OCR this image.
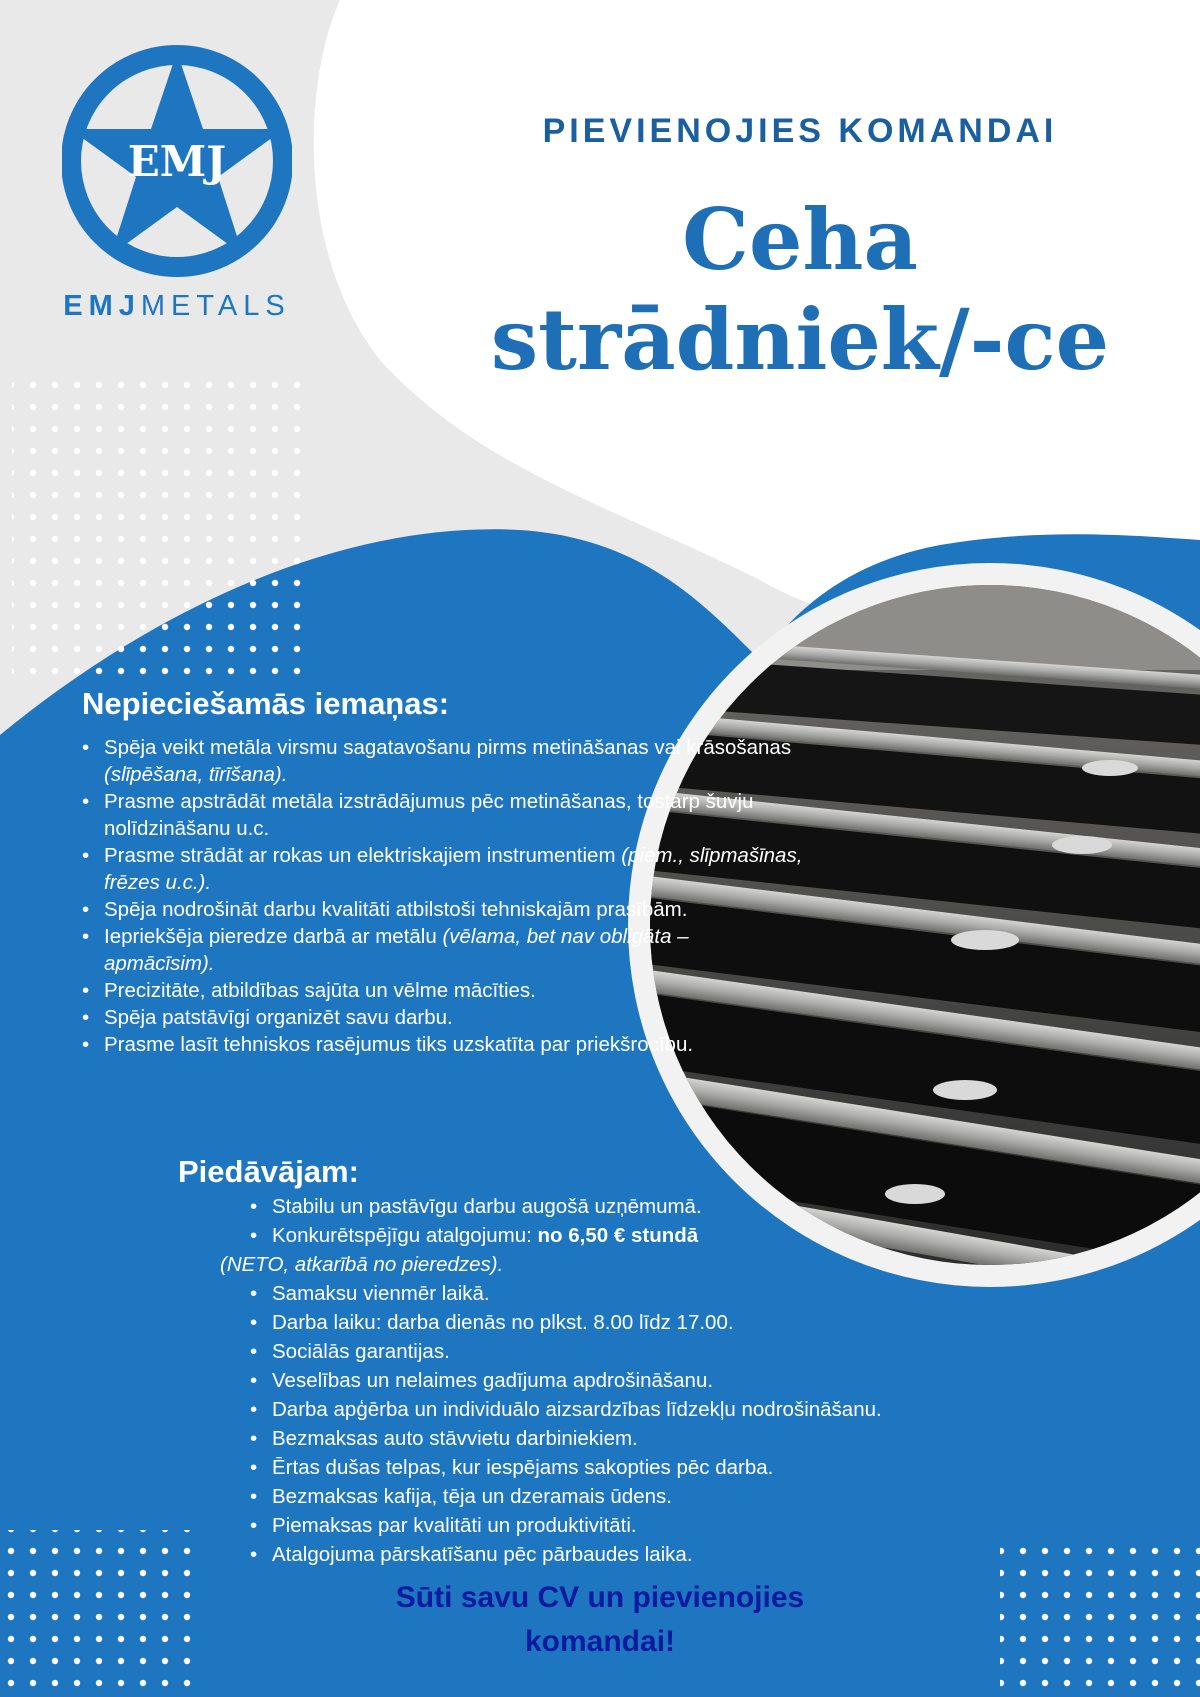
EMJ
EMJMETALS
PIEVIENOJIES KOMANDAI
Ceha
strādniek/-ce
Nepieciešamās iemaņas:
• Spēja veikt metāla virsmu sagatavošanu pirms metināšanas vai krāsošanas (slīpēšana, tīrīšana).
• Prasme apstrādāt metāla izstrādājumus pēc metināšanas, tostarp šuvju nolīdzināšanu u.c.
• Prasme strādāt ar rokas un elektriskajiem instrumentiem (piem., slīpmašīnas, frēzes u.c.).
• Spēja nodrošināt darbu kvalitāti atbilstoši tehniskajām prasībām.
• Iepriekšēja pieredze darbā ar metālu (vēlama, bet nav obligāta – apmācīsim).
• Precizitāte, atbildības sajūta un vēlme mācīties.
• Spēja patstāvīgi organizēt savu darbu.
• Prasme lasīt tehniskos rasējumus tiks uzskatīta par priekšrocību.
Piedāvājam:
• Stabilu un pastāvīgu darbu augošā uzņēmumā.
• Konkurētspējīgu atalgojumu: no 6,50 € stundā
(NETO, atkarībā no pieredzes).
• Samaksu vienmēr laikā.
• Darba laiku: darba dienās no plkst. 8.00 līdz 17.00.
• Sociālās garantijas.
• Veselības un nelaimes gadījuma apdrošināšanu.
• Darba apģērba un individuālo aizsardzības līdzekļu nodrošināšanu.
• Bezmaksas auto stāvvietu darbiniekiem.
• Ērtas dušas telpas, kur iespējams sakopties pēc darba.
• Bezmaksas kafija, tēja un dzeramais ūdens.
• Piemaksas par kvalitāti un produktivitāti.
• Atalgojuma pārskatīšanu pēc pārbaudes laika.
Sūti savu CV un pievienojies
komandai!
